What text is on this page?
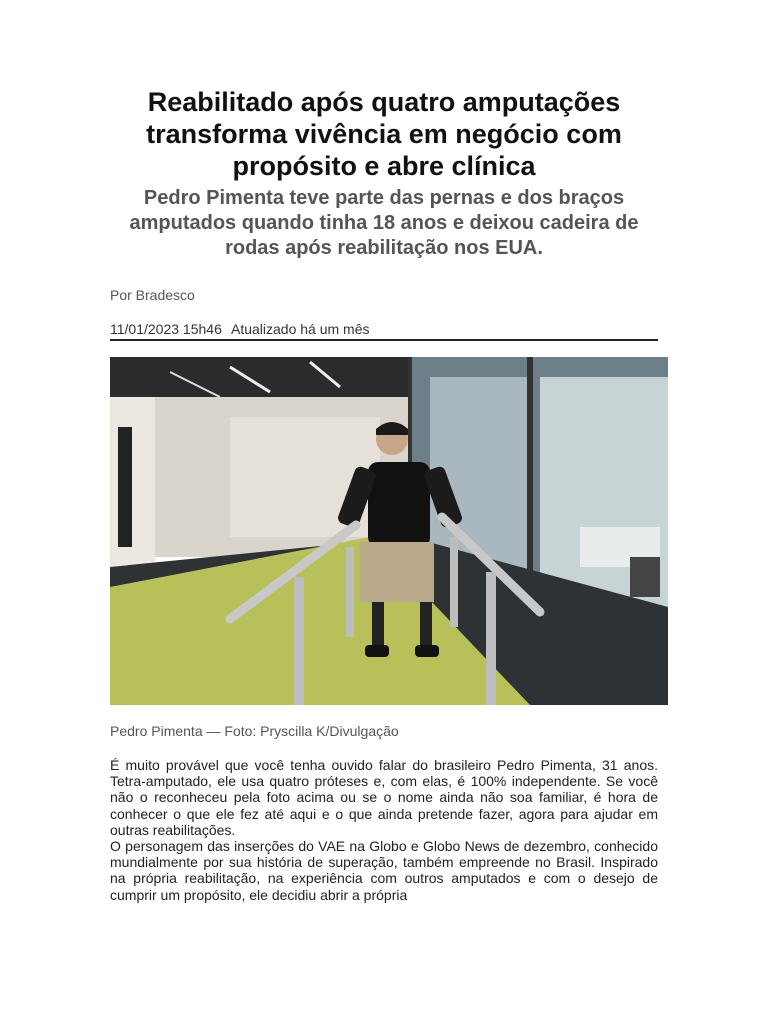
Reabilitado após quatro amputações transforma vivência em negócio com propósito e abre clínica
Pedro Pimenta teve parte das pernas e dos braços amputados quando tinha 18 anos e deixou cadeira de rodas após reabilitação nos EUA.
Por Bradesco
11/01/2023 15h46 Atualizado há um mês
Pedro Pimenta — Foto: Pryscilla K/Divulgação

É muito provável que você tenha ouvido falar do brasileiro Pedro Pimenta, 31 anos. Tetra-amputado, ele usa quatro próteses e, com elas, é 100% independente. Se você não o reconheceu pela foto acima ou se o nome ainda não soa familiar, é hora de conhecer o que ele fez até aqui e o que ainda pretende fazer, agora para ajudar em outras reabilitações.

O personagem das inserções do VAE na Globo e Globo News de dezembro, conhecido mundialmente por sua história de superação, também empreende no Brasil. Inspirado na própria reabilitação, na experiência com outros amputados e com o desejo de cumprir um propósito, ele decidiu abrir a própria
